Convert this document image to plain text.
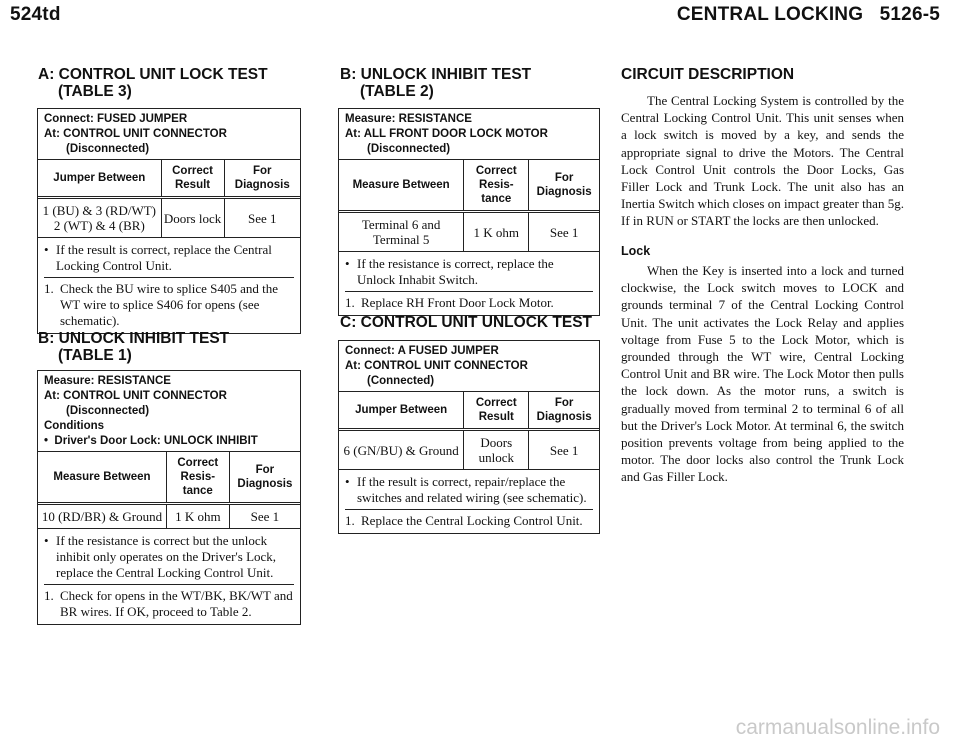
524td	CENTRAL LOCKING   5126-5
A: CONTROL UNIT LOCK TEST
(TABLE 3)
Connect: FUSED JUMPER
At: CONTROL UNIT CONNECTOR
(Disconnected)
Jumper Between	Correct Result	For Diagnosis
1 (BU) & 3 (RD/WT) 2 (WT) & 4 (BR)	Doors lock	See 1
• If the result is correct, replace the Central Locking Control Unit.
1. Check the BU wire to splice S405 and the WT wire to splice S406 for opens (see schematic).
B: UNLOCK INHIBIT TEST
(TABLE 1)
Measure: RESISTANCE
At: CONTROL UNIT CONNECTOR
(Disconnected)
Conditions
•  Driver's Door Lock: UNLOCK INHIBIT
Measure Between	Correct Resis- tance	For Diagnosis
10 (RD/BR) & Ground	1 K ohm	See 1
• If the resistance is correct but the unlock inhibit only operates on the Driver's Lock, replace the Central Locking Control Unit.
1. Check for opens in the WT/BK, BK/WT and BR wires. If OK, proceed to Table 2.
B: UNLOCK INHIBIT TEST
(TABLE 2)
Measure: RESISTANCE
At: ALL FRONT DOOR LOCK MOTOR
(Disconnected)
Measure Between	Correct Resis- tance	For Diagnosis
Terminal 6 and Terminal 5	1 K ohm	See 1
• If the resistance is correct, replace the Unlock Inhabit Switch.
1. Replace RH Front Door Lock Motor.
C: CONTROL UNIT UNLOCK TEST
Connect: A FUSED JUMPER
At: CONTROL UNIT CONNECTOR
(Connected)
Jumper Between	Correct Result	For Diagnosis
6 (GN/BU) & Ground	Doors unlock	See 1
• If the result is correct, repair/replace the switches and related wiring (see schematic).
1. Replace the Central Locking Control Unit.
CIRCUIT DESCRIPTION
The Central Locking System is controlled by the Central Locking Control Unit. This unit senses when a lock switch is moved by a key, and sends the appropriate signal to drive the Motors. The Central Lock Control Unit controls the Door Locks, Gas Filler Lock and Trunk Lock. The unit also has an Inertia Switch which closes on impact greater than 5g. If in RUN or START the locks are then unlocked.
Lock
When the Key is inserted into a lock and turned clockwise, the Lock switch moves to LOCK and grounds terminal 7 of the Central Locking Control Unit. The unit activates the Lock Relay and applies voltage from Fuse 5 to the Lock Motor, which is grounded through the WT wire, Central Locking Control Unit and BR wire. The Lock Motor then pulls the lock down. As the motor runs, a switch is gradually moved from terminal 2 to terminal 6 of all but the Driver's Lock Motor. At terminal 6, the switch position prevents voltage from being applied to the motor. The door locks also control the Trunk Lock and Gas Filler Lock.
carmanualsonline.info
